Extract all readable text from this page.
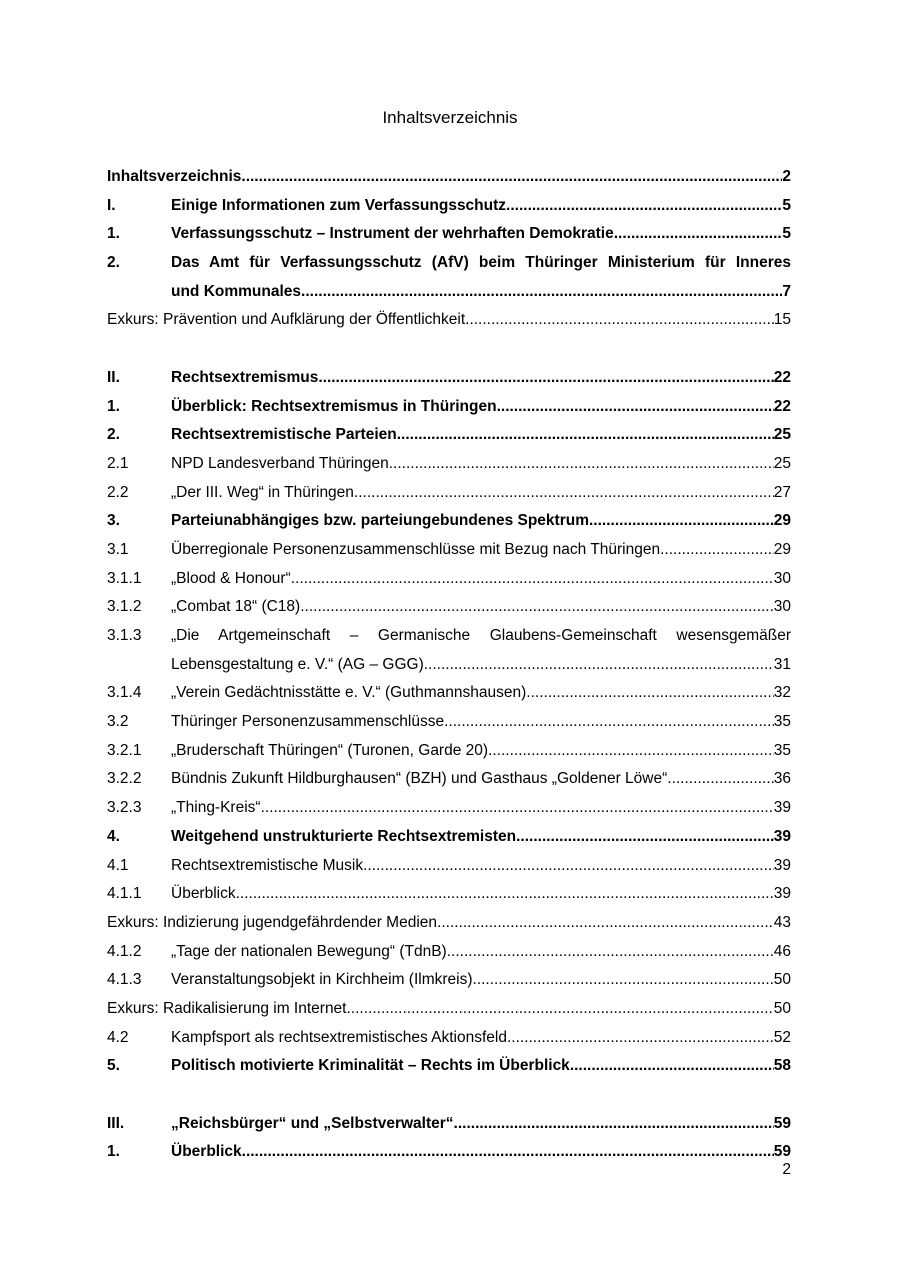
Inhaltsverzeichnis
Inhaltsverzeichnis .....	2
I.	Einige Informationen zum Verfassungsschutz .....	5
1.	Verfassungsschutz – Instrument der wehrhaften Demokratie .....	5
2.	Das Amt für Verfassungsschutz (AfV) beim Thüringer Ministerium für Inneres
und Kommunales .....	7
Exkurs: Prävention und Aufklärung der Öffentlichkeit .....	15
II.	Rechtsextremismus .....	22
1.	Überblick: Rechtsextremismus in Thüringen .....	22
2.	Rechtsextremistische Parteien .....	25
2.1	NPD Landesverband Thüringen .....	25
2.2	„Der III. Weg“ in Thüringen .....	27
3.	Parteiunabhängiges bzw. parteiungebundenes Spektrum .....	29
3.1	Überregionale Personenzusammenschlüsse mit Bezug nach Thüringen .....	29
3.1.1	„Blood & Honour“ .....	30
3.1.2	„Combat 18“ (C18) .....	30
3.1.3	„Die Artgemeinschaft – Germanische Glaubens-Gemeinschaft wesensgemäßer
Lebensgestaltung e. V.“ (AG – GGG) .....	31
3.1.4	„Verein Gedächtnisstätte e. V.“ (Guthmannshausen) .....	32
3.2	Thüringer Personenzusammenschlüsse .....	35
3.2.1	„Bruderschaft Thüringen“ (Turonen, Garde 20) .....	35
3.2.2	Bündnis Zukunft Hildburghausen“ (BZH) und Gasthaus „Goldener Löwe“ .....	36
3.2.3	„Thing-Kreis“ .....	39
4.	Weitgehend unstrukturierte Rechtsextremisten .....	39
4.1	Rechtsextremistische Musik .....	39
4.1.1	Überblick .....	39
Exkurs: Indizierung jugendgefährdender Medien .....	43
4.1.2	„Tage der nationalen Bewegung“ (TdnB) .....	46
4.1.3	Veranstaltungsobjekt in Kirchheim (Ilmkreis) .....	50
Exkurs: Radikalisierung im Internet .....	50
4.2	Kampfsport als rechtsextremistisches Aktionsfeld .....	52
5.	Politisch motivierte Kriminalität – Rechts im Überblick .....	58
III.	„Reichsbürger“ und „Selbstverwalter“ .....	59
1.	Überblick .....	59
2
